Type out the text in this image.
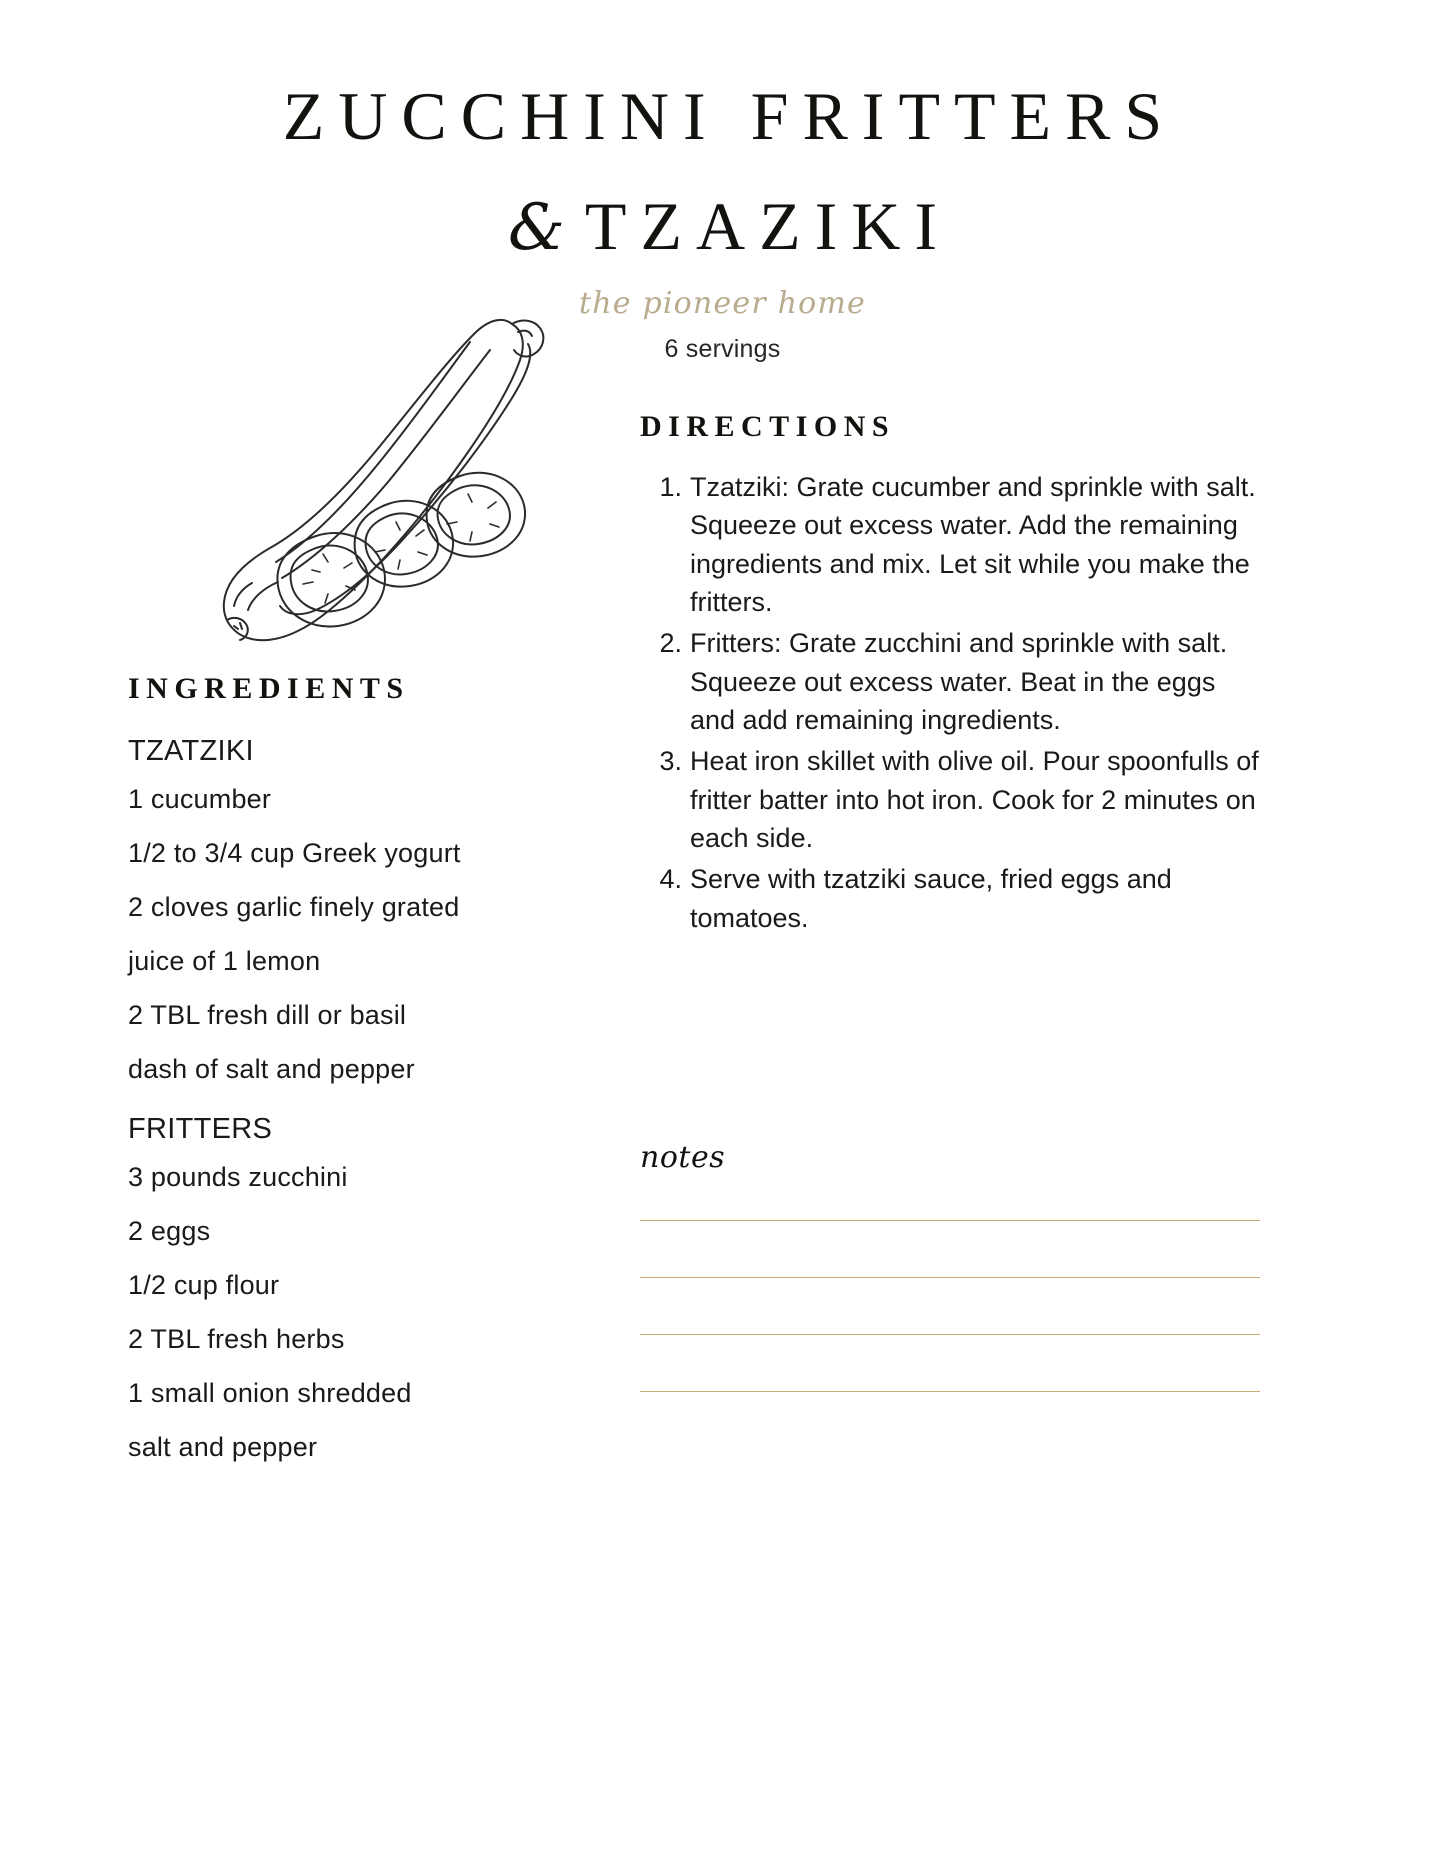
ZUCCHINI FRITTERS
& TZAZIKI
the pioneer home
6 servings
INGREDIENTS
TZATZIKI
1 cucumber
1/2 to 3/4 cup Greek yogurt
2 cloves garlic finely grated
juice of 1 lemon
2 TBL fresh dill or basil
dash of salt and pepper
FRITTERS
3 pounds zucchini
2 eggs
1/2 cup flour
2 TBL fresh herbs
1 small onion shredded
salt and pepper
DIRECTIONS
1. Tzatziki: Grate cucumber and sprinkle with salt. Squeeze out excess water. Add the remaining ingredients and mix. Let sit while you make the fritters.
2. Fritters: Grate zucchini and sprinkle with salt. Squeeze out excess water. Beat in the eggs and add remaining ingredients.
3. Heat iron skillet with olive oil. Pour spoonfulls of fritter batter into hot iron. Cook for 2 minutes on each side.
4. Serve with tzatziki sauce, fried eggs and tomatoes.
notes
